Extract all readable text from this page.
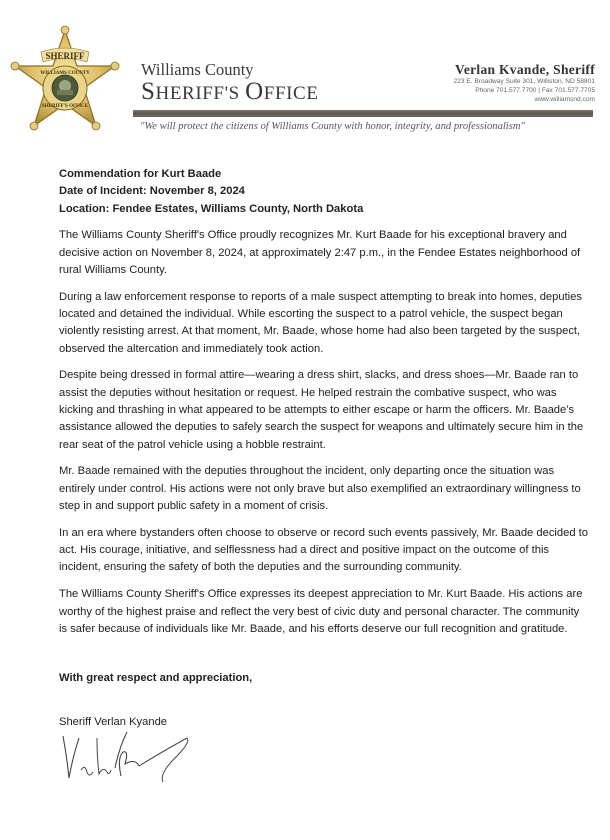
SHERIFF
WILLIAMS COUNTY
SHERIFF'S OFFICE
Williams County
SHERIFF'S OFFICE
Verlan Kvande, Sheriff
223 E. Broadway Suite 301, Williston, ND 58801
Phone 701.577.7700 | Fax 701.577.7705
www.williamsnd.com
"We will protect the citizens of Williams County with honor, integrity, and professionalism"
Commendation for Kurt Baade
Date of Incident: November 8, 2024
Location: Fendee Estates, Williams County, North Dakota

The Williams County Sheriff's Office proudly recognizes Mr. Kurt Baade for his exceptional bravery and decisive action on November 8, 2024, at approximately 2:47 p.m., in the Fendee Estates neighborhood of rural Williams County.

During a law enforcement response to reports of a male suspect attempting to break into homes, deputies located and detained the individual. While escorting the suspect to a patrol vehicle, the suspect began violently resisting arrest. At that moment, Mr. Baade, whose home had also been targeted by the suspect, observed the altercation and immediately took action.

Despite being dressed in formal attire—wearing a dress shirt, slacks, and dress shoes—Mr. Baade ran to assist the deputies without hesitation or request. He helped restrain the combative suspect, who was kicking and thrashing in what appeared to be attempts to either escape or harm the officers. Mr. Baade’s assistance allowed the deputies to safely search the suspect for weapons and ultimately secure him in the rear seat of the patrol vehicle using a hobble restraint.

Mr. Baade remained with the deputies throughout the incident, only departing once the situation was entirely under control. His actions were not only brave but also exemplified an extraordinary willingness to step in and support public safety in a moment of crisis.

In an era where bystanders often choose to observe or record such events passively, Mr. Baade decided to act. His courage, initiative, and selflessness had a direct and positive impact on the outcome of this incident, ensuring the safety of both the deputies and the surrounding community.

The Williams County Sheriff's Office expresses its deepest appreciation to Mr. Kurt Baade. His actions are worthy of the highest praise and reflect the very best of civic duty and personal character. The community is safer because of individuals like Mr. Baade, and his efforts deserve our full recognition and gratitude.

With great respect and appreciation,
Sheriff Verlan Kyande
